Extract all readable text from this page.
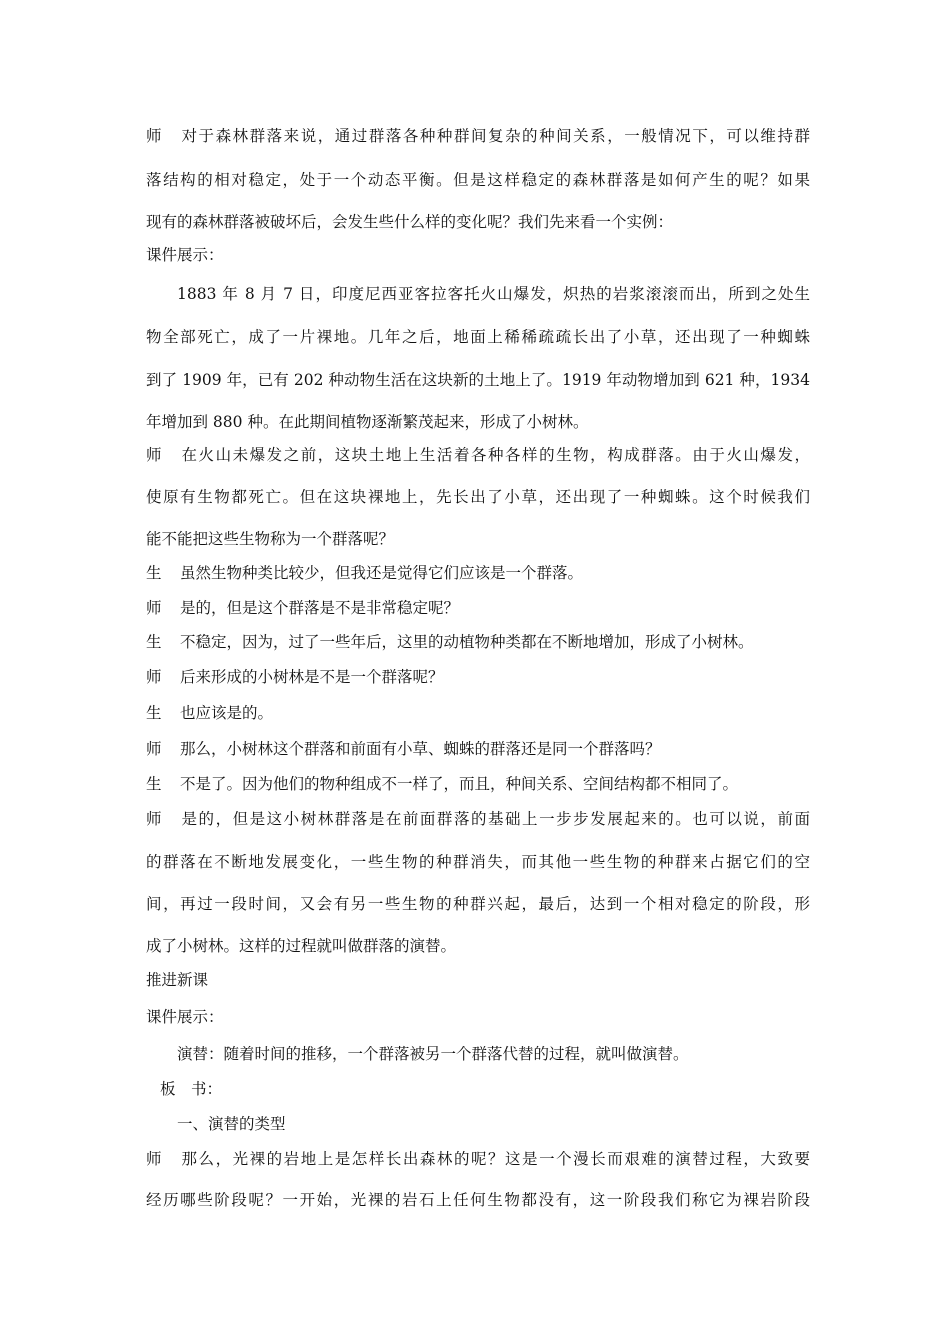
师 对于森林群落来说，通过群落各种种群间复杂的种间关系，一般情况下，可以维持群
落结构的相对稳定，处于一个动态平衡。但是这样稳定的森林群落是如何产生的呢？如果
现有的森林群落被破坏后，会发生些什么样的变化呢？我们先来看一个实例：
课件展示：
1883 年 8 月 7 日，印度尼西亚客拉客托火山爆发，炽热的岩浆滚滚而出，所到之处生
物全部死亡，成了一片裸地。几年之后，地面上稀稀疏疏长出了小草，还出现了一种蜘蛛
到了 1909 年，已有 202 种动物生活在这块新的土地上了。1919 年动物增加到 621 种，1934
年增加到 880 种。在此期间植物逐渐繁茂起来，形成了小树林。
师 在火山未爆发之前，这块土地上生活着各种各样的生物，构成群落。由于火山爆发，
使原有生物都死亡。但在这块裸地上，先长出了小草，还出现了一种蜘蛛。这个时候我们
能不能把这些生物称为一个群落呢？
生 虽然生物种类比较少，但我还是觉得它们应该是一个群落。
师 是的，但是这个群落是不是非常稳定呢？
生 不稳定，因为，过了一些年后，这里的动植物种类都在不断地增加，形成了小树林。
师 后来形成的小树林是不是一个群落呢？
生 也应该是的。
师 那么，小树林这个群落和前面有小草、蜘蛛的群落还是同一个群落吗？
生 不是了。因为他们的物种组成不一样了，而且，种间关系、空间结构都不相同了。
师 是的，但是这小树林群落是在前面群落的基础上一步步发展起来的。也可以说，前面
的群落在不断地发展变化，一些生物的种群消失，而其他一些生物的种群来占据它们的空
间，再过一段时间，又会有另一些生物的种群兴起，最后，达到一个相对稳定的阶段，形
成了小树林。这样的过程就叫做群落的演替。
推进新课
课件展示：
演替：随着时间的推移，一个群落被另一个群落代替的过程，就叫做演替。
板　书：
一、演替的类型
师 那么，光裸的岩地上是怎样长出森林的呢？这是一个漫长而艰难的演替过程，大致要
经历哪些阶段呢？一开始，光裸的岩石上任何生物都没有，这一阶段我们称它为裸岩阶段
